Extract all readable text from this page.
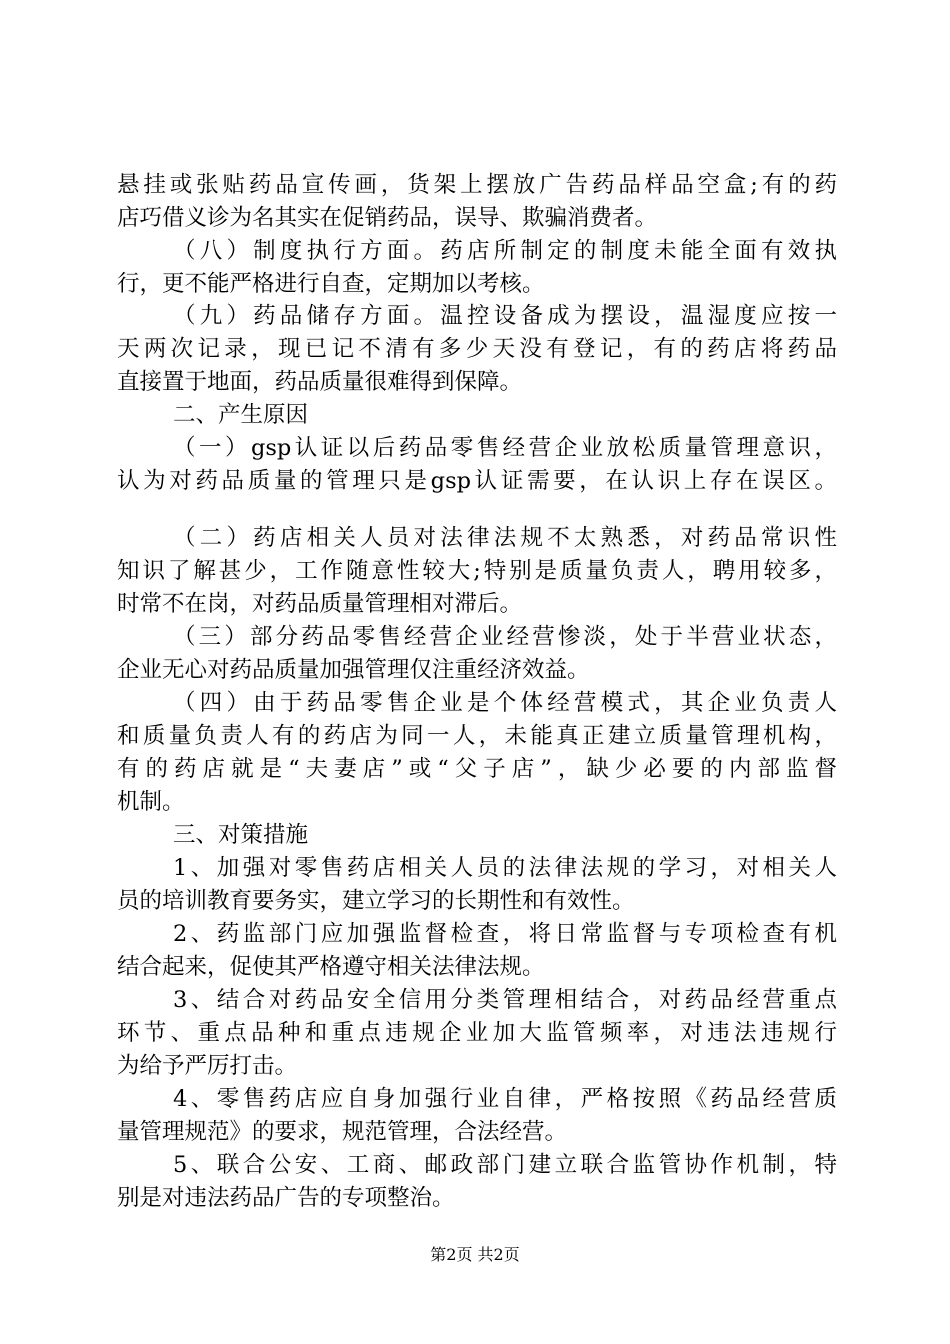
悬挂或张贴药品宣传画，货架上摆放广告药品样品空盒;有的药
店巧借义诊为名其实在促销药品，误导、欺骗消费者。
（八）制度执行方面。药店所制定的制度未能全面有效执
行，更不能严格进行自查，定期加以考核。
（九）药品储存方面。温控设备成为摆设，温湿度应按一
天两次记录，现已记不清有多少天没有登记，有的药店将药品
直接置于地面，药品质量很难得到保障。
二、产生原因
（一）gsp认证以后药品零售经营企业放松质量管理意识，
认为对药品质量的管理只是gsp认证需要，在认识上存在误区。
（二）药店相关人员对法律法规不太熟悉，对药品常识性
知识了解甚少，工作随意性较大;特别是质量负责人，聘用较多，
时常不在岗，对药品质量管理相对滞后。
（三）部分药品零售经营企业经营惨淡，处于半营业状态，
企业无心对药品质量加强管理仅注重经济效益。
（四）由于药品零售企业是个体经营模式，其企业负责人
和质量负责人有的药店为同一人，未能真正建立质量管理机构，
有的药店就是“夫妻店”或“父子店”，缺少必要的内部监督
机制。
三、对策措施
1、加强对零售药店相关人员的法律法规的学习，对相关人
员的培训教育要务实，建立学习的长期性和有效性。
2、药监部门应加强监督检查，将日常监督与专项检查有机
结合起来，促使其严格遵守相关法律法规。
3、结合对药品安全信用分类管理相结合，对药品经营重点
环节、重点品种和重点违规企业加大监管频率，对违法违规行
为给予严厉打击。
4、零售药店应自身加强行业自律，严格按照《药品经营质
量管理规范》的要求，规范管理，合法经营。
5、联合公安、工商、邮政部门建立联合监管协作机制，特
别是对违法药品广告的专项整治。
第2页 共2页
